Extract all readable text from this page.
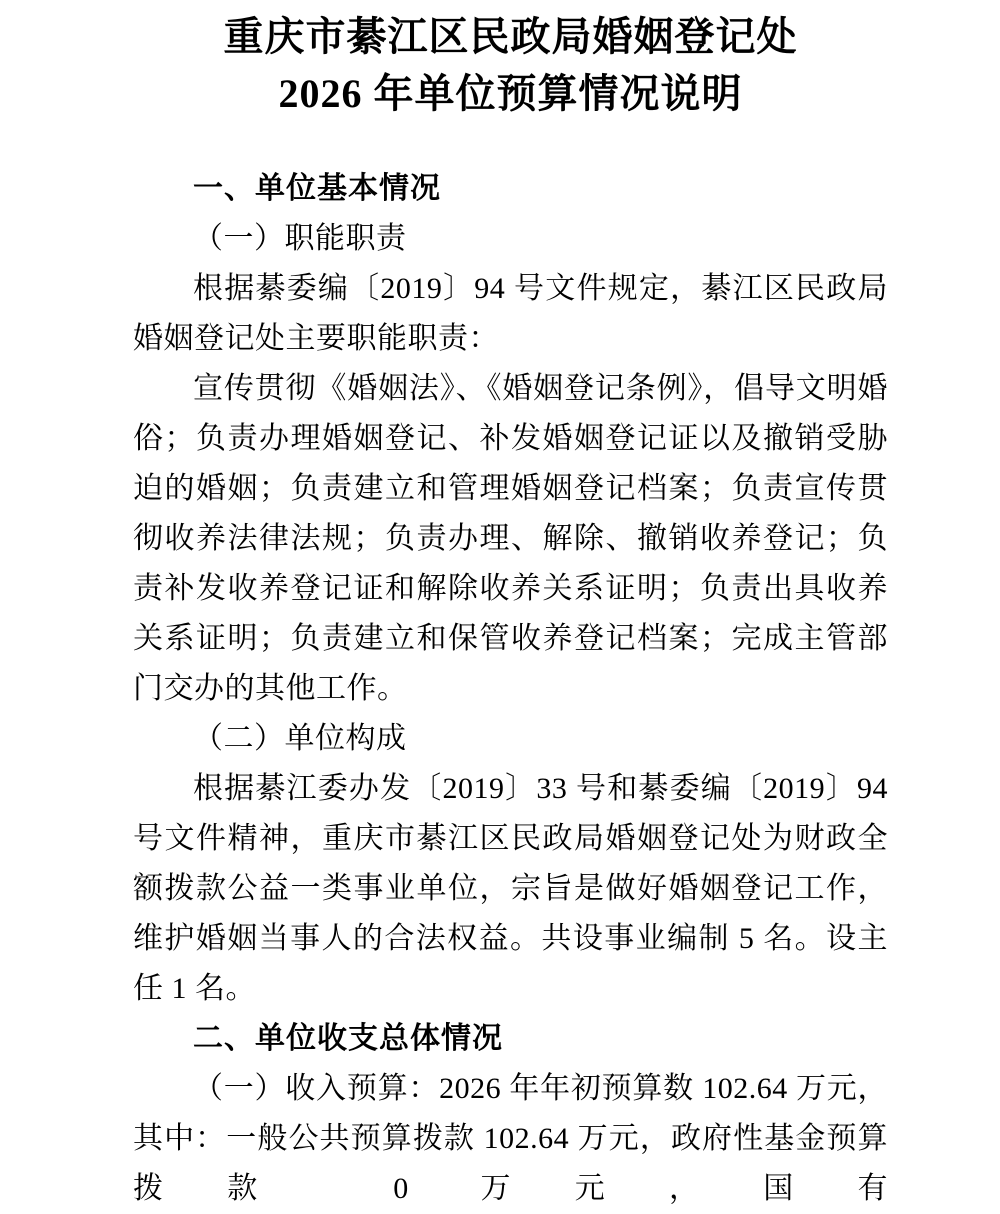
重庆市綦江区民政局婚姻登记处
2026 年单位预算情况说明

一、单位基本情况

（一）职能职责

根据綦委编〔2019〕94 号文件规定，綦江区民政局婚姻登记处主要职能职责：

宣传贯彻《婚姻法》、《婚姻登记条例》，倡导文明婚俗；负责办理婚姻登记、补发婚姻登记证以及撤销受胁迫的婚姻；负责建立和管理婚姻登记档案；负责宣传贯彻收养法律法规；负责办理、解除、撤销收养登记；负责补发收养登记证和解除收养关系证明；负责出具收养关系证明；负责建立和保管收养登记档案；完成主管部门交办的其他工作。

（二）单位构成

根据綦江委办发〔2019〕33 号和綦委编〔2019〕94 号文件精神，重庆市綦江区民政局婚姻登记处为财政全额拨款公益一类事业单位，宗旨是做好婚姻登记工作，维护婚姻当事人的合法权益。共设事业编制 5 名。设主任 1 名。

二、单位收支总体情况

（一）收入预算：2026 年年初预算数 102.64 万元，其中：一般公共预算拨款 102.64 万元，政府性基金预算拨款 0 万元，国有
